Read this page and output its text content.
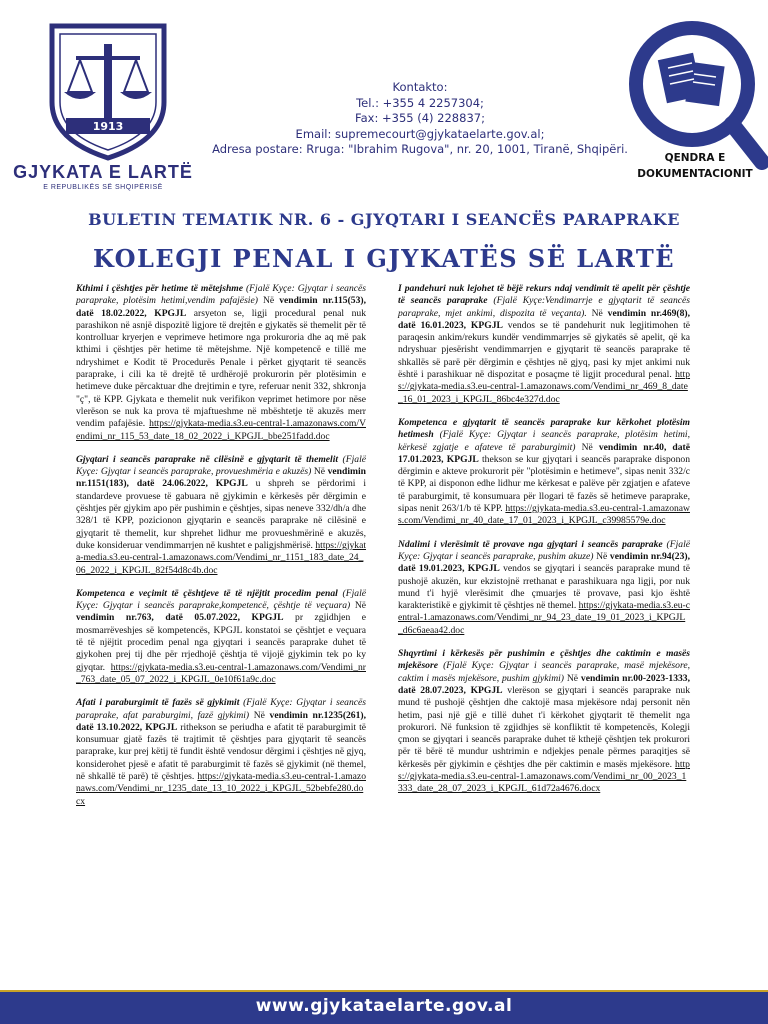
1913
GJYKATA E LARTË
E REPUBLIKËS SË SHQIPËRISË
Kontakto:
Tel.: +355 4 2257304;
Fax: +355 (4) 228837;
Email: supremecourt@gjykataelarte.gov.al;
Adresa postare: Rruga: "Ibrahim Rugova", nr. 20, 1001, Tiranë, Shqipëri.
QENDRA E
DOKUMENTACIONIT
BULETIN TEMATIK NR. 6 - GJYQTARI I SEANCËS PARAPRAKE
KOLEGJI PENAL I GJYKATËS SË LARTË
Kthimi i çështjes për hetime të mëtejshme (Fjalë Kyçe: Gjyqtar i seancës paraprake, plotësim hetimi,vendim pafajësie) Në vendimin nr.115(53), datë 18.02.2022, KPGJL arsyeton se, ligji procedural penal nuk parashikon në asnjë dispozitë ligjore të drejtën e gjykatës së themelit për të kontrolluar kryerjen e veprimeve hetimore nga prokuroria dhe aq më pak kthimi i çështjes për hetime të mëtejshme. Një kompetencë e tillë me ndryshimet e Kodit të Procedurës Penale i përket gjyqtarit të seancës paraprake, i cili ka të drejtë të urdhërojë prokurorin për plotësimin e hetimeve duke përcaktuar dhe drejtimin e tyre, referuar nenit 332, shkronja "ç", të KPP. Gjykata e themelit nuk verifikon veprimet hetimore por nëse vlerëson se nuk ka prova të mjaftueshme në mbështetje të akuzës merr vendim pafajësie. https://gjykata-media.s3.eu-central-1.amazonaws.com/Vendimi_nr_115_53_date_18_02_2022_i_KPGJL_bbe251fadd.doc
Gjyqtari i seancës paraprake në cilësinë e gjyqtarit të themelit (Fjalë Kyçe: Gjyqtar i seancës paraprake, provueshmëria e akuzës) Në vendimin nr.1151(183), datë 24.06.2022, KPGJL u shpreh se përdorimi i standardeve provuese të gabuara në gjykimin e kërkesës për dërgimin e çështjes për gjykim apo për pushimin e çështjes, sipas neneve 332/dh/a dhe 328/1 të KPP, pozicionon gjyqtarin e seancës paraprake në cilësinë e gjyqtarit të themelit, kur shprehet lidhur me provueshmërinë e akuzës, duke konsideruar vendimmarrjen në kushtet e paligjshmërisë. https://gjykata-media.s3.eu-central-1.amazonaws.com/Vendimi_nr_1151_183_date_24_06_2022_i_KPGJL_82f54d8c4b.doc
Kompetenca e veçimit të çështjeve të të njëjtit procedim penal (Fjalë Kyçe: Gjyqtar i seancës paraprake,kompetencë, çështje të veçuara) Në vendimin nr.763, datë 05.07.2022, KPGJL pr zgjidhjen e mosmarrëveshjes së kompetencës, KPGJL konstatoi se çështjet e veçuara të të njëjtit procedim penal nga gjyqtari i seancës paraprake duhet të gjykohen prej tij dhe për rrjedhojë çështja të vijojë gjykimin tek po ky gjyqtar. https://gjykata-media.s3.eu-central-1.amazonaws.com/Vendimi_nr_763_date_05_07_2022_i_KPGJL_0e10f61a9c.doc
Afati i paraburgimit të fazës së gjykimit (Fjalë Kyçe: Gjyqtar i seancës paraprake, afat paraburgimi, fazë gjykimi) Në vendimin nr.1235(261), datë 13.10.2022, KPGJL rithekson se periudha e afatit të paraburgimit të konsumuar gjatë fazës të trajtimit të çështjes para gjyqtarit të seancës paraprake, kur prej këtij të fundit është vendosur dërgimi i çështjes në gjyq, konsiderohet pjesë e afatit të paraburgimit të fazës së gjykimit (në themel, në shkallë të parë) të çështjes. https://gjykata-media.s3.eu-central-1.amazonaws.com/Vendimi_nr_1235_date_13_10_2022_i_KPGJL_52bebfe280.docx
I pandehuri nuk lejohet të bëjë rekurs ndaj vendimit të apelit për çështje të seancës paraprake (Fjalë Kyçe:Vendimarrje e gjyqtarit të seancës paraprake, mjet ankimi, dispozita të veçanta). Në vendimin nr.469(8), datë 16.01.2023, KPGJL vendos se të pandehurit nuk legjitimohen të paraqesin ankim/rekurs kundër vendimmarrjes së gjykatës së apelit, që ka ndryshuar pjesërisht vendimmarrjen e gjyqtarit të seancës paraprake të shkallës së parë për dërgimin e çështjes në gjyq, pasi ky mjet ankimi nuk është i parashikuar në dispozitat e posaçme të ligjit procedural penal. https://gjykata-media.s3.eu-central-1.amazonaws.com/Vendimi_nr_469_8_date_16_01_2023_i_KPGJL_86bc4e327d.doc
Kompetenca e gjyqtarit të seancës paraprake kur kërkohet plotësim hetimesh (Fjalë Kyçe: Gjyqtar i seancës paraprake, plotësim hetimi, kërkesë zgjatje e afateve të paraburgimit) Në vendimin nr.40, datë 17.01.2023, KPGJL thekson se kur gjyqtari i seancës paraprake disponon dërgimin e akteve prokurorit për "plotësimin e hetimeve", sipas nenit 332/c të KPP, ai disponon edhe lidhur me kërkesat e palëve për zgjatjen e afateve të paraburgimit, të konsumuara për llogari të fazës së hetimeve paraprake, sipas nenit 263/1/b të KPP. https://gjykata-media.s3.eu-central-1.amazonaws.com/Vendimi_nr_40_date_17_01_2023_i_KPGJL_c39985579e.doc
Ndalimi i vlerësimit të provave nga gjyqtari i seancës paraprake (Fjalë Kyçe: Gjyqtar i seancës paraprake, pushim akuze) Në vendimin nr.94(23), datë 19.01.2023, KPGJL vendos se gjyqtari i seancës paraprake mund të pushojë akuzën, kur ekzistojnë rrethanat e parashikuara nga ligji, por nuk mund t'i hyjë vlerësimit dhe çmuarjes të provave, pasi kjo është karakteristikë e gjykimit të çështjes në themel. https://gjykata-media.s3.eu-central-1.amazonaws.com/Vendimi_nr_94_23_date_19_01_2023_i_KPGJL_d6c6aeaa42.doc
Shqyrtimi i kërkesës për pushimin e çështjes dhe caktimin e masës mjekësore (Fjalë Kyçe: Gjyqtar i seancës paraprake, masë mjekësore, caktim i masës mjekësore, pushim gjykimi) Në vendimin nr.00-2023-1333, datë 28.07.2023, KPGJL vlerëson se gjyqtari i seancës paraprake nuk mund të pushojë çështjen dhe caktojë masa mjekësore ndaj personit nën hetim, pasi një gjë e tillë duhet t'i kërkohet gjyqtarit të themelit nga prokurori. Në funksion të zgjidhjes së konfliktit të kompetencës, Kolegji çmon se gjyqtari i seancës paraprake duhet të kthejë çështjen tek prokurori për të bërë të mundur ushtrimin e ndjekjes penale përmes paraqitjes së kërkesës për gjykimin e çështjes dhe për caktimin e masës mjekësore. https://gjykata-media.s3.eu-central-1.amazonaws.com/Vendimi_nr_00_2023_1333_date_28_07_2023_i_KPGJL_61d72a4676.docx
www.gjykataelarte.gov.al
